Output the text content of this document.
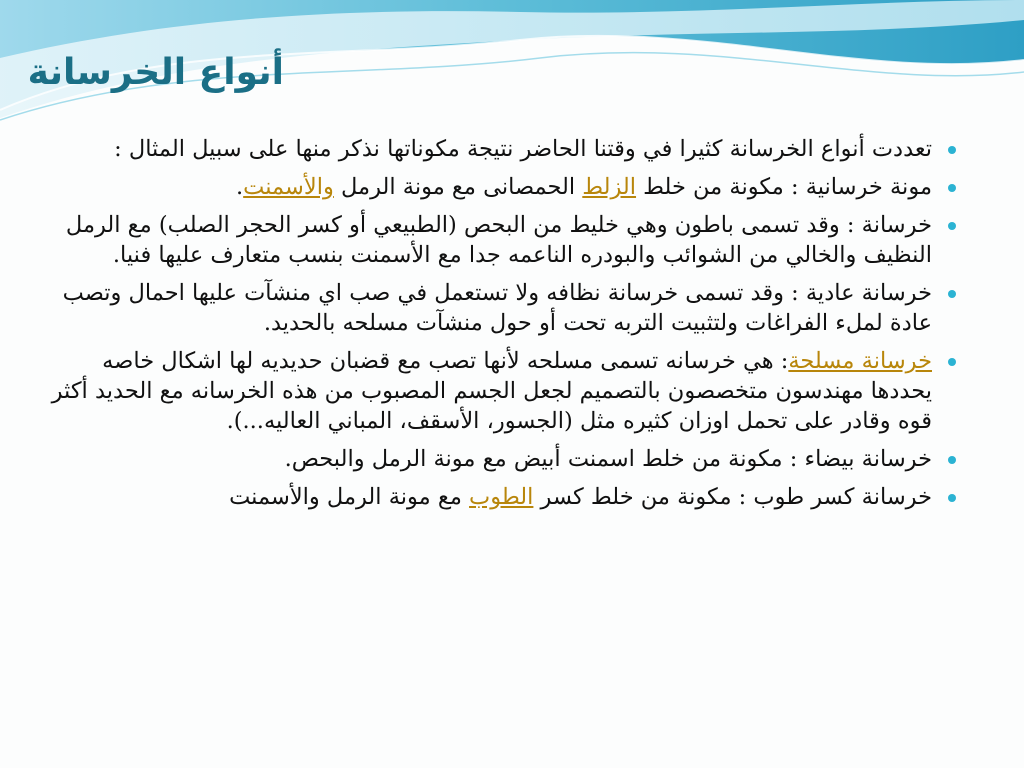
أنواع الخرسانة
تعددت أنواع الخرسانة كثيرا في وقتنا الحاضر نتيجة مكوناتها نذكر منها على سبيل المثال :
مونة خرسانية : مكونة من خلط الزلط الحمصانى مع مونة الرمل والأسمنت.
خرسانة : وقد تسمى باطون وهي خليط من البحص (الطبيعي أو كسر الحجر الصلب) مع الرمل النظيف والخالي من الشوائب والبودره الناعمه جدا مع الأسمنت بنسب متعارف عليها فنيا.
خرسانة عادية : وقد تسمى خرسانة نظافه ولا تستعمل في صب اي منشآت عليها احمال وتصب عادة لملء الفراغات ولتثبيت التربه تحت أو حول منشآت مسلحه بالحديد.
خرسانة مسلحة: هي خرسانه تسمى مسلحه لأنها تصب مع قضبان حديديه لها اشكال خاصه يحددها مهندسون متخصصون بالتصميم لجعل الجسم المصبوب من هذه الخرسانه مع الحديد أكثر قوه وقادر على تحمل اوزان كثيره مثل (الجسور، الأسقف، المباني العاليه...).
خرسانة بيضاء : مكونة من خلط اسمنت أبيض مع مونة الرمل والبحص.
خرسانة كسر طوب : مكونة من خلط كسر الطوب مع مونة الرمل والأسمنت
